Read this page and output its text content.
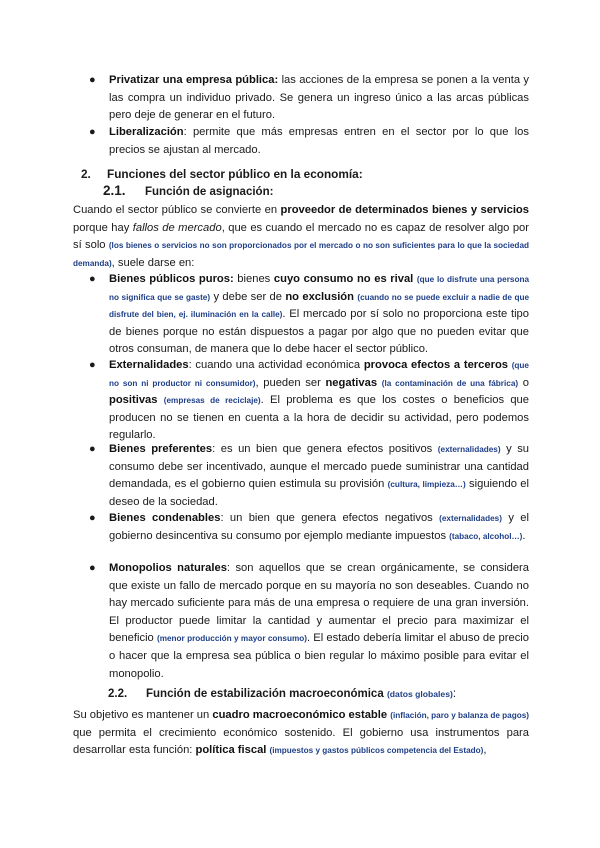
● Privatizar una empresa pública: las acciones de la empresa se ponen a la venta y las compra un individuo privado. Se genera un ingreso único a las arcas públicas pero deje de generar en el futuro.
● Liberalización: permite que más empresas entren en el sector por lo que los precios se ajustan al mercado.
2. Funciones del sector público en la economía:
2.1. Función de asignación:
Cuando el sector público se convierte en proveedor de determinados bienes y servicios porque hay fallos de mercado, que es cuando el mercado no es capaz de resolver algo por sí solo (los bienes o servicios no son proporcionados por el mercado o no son suficientes para lo que la sociedad demanda), suele darse en:
● Bienes públicos puros: bienes cuyo consumo no es rival (que lo disfrute una persona no significa que se gaste) y debe ser de no exclusión (cuando no se puede excluir a nadie de que disfrute del bien, ej. iluminación en la calle). El mercado por sí solo no proporciona este tipo de bienes porque no están dispuestos a pagar por algo que no pueden evitar que otros consuman, de manera que lo debe hacer el sector público.
● Externalidades: cuando una actividad económica provoca efectos a terceros (que no son ni productor ni consumidor), pueden ser negativas (la contaminación de una fábrica) o positivas (empresas de reciclaje). El problema es que los costes o beneficios que producen no se tienen en cuenta a la hora de decidir su actividad, pero podemos regularlo.
● Bienes preferentes: es un bien que genera efectos positivos (externalidades) y su consumo debe ser incentivado, aunque el mercado puede suministrar una cantidad demandada, es el gobierno quien estimula su provisión (cultura, limpieza…) siguiendo el deseo de la sociedad.
● Bienes condenables: un bien que genera efectos negativos (externalidades) y el gobierno desincentiva su consumo por ejemplo mediante impuestos (tabaco, alcohol…).
● Monopolios naturales: son aquellos que se crean orgánicamente, se considera que existe un fallo de mercado porque en su mayoría no son deseables. Cuando no hay mercado suficiente para más de una empresa o requiere de una gran inversión. El productor puede limitar la cantidad y aumentar el precio para maximizar el beneficio (menor producción y mayor consumo). El estado debería limitar el abuso de precio o hacer que la empresa sea pública o bien regular lo máximo posible para evitar el monopolio.
2.2. Función de estabilización macroeconómica (datos globales):
Su objetivo es mantener un cuadro macroeconómico estable (inflación, paro y balanza de pagos) que permita el crecimiento económico sostenido. El gobierno usa instrumentos para desarrollar esta función: política fiscal (impuestos y gastos públicos competencia del Estado),
